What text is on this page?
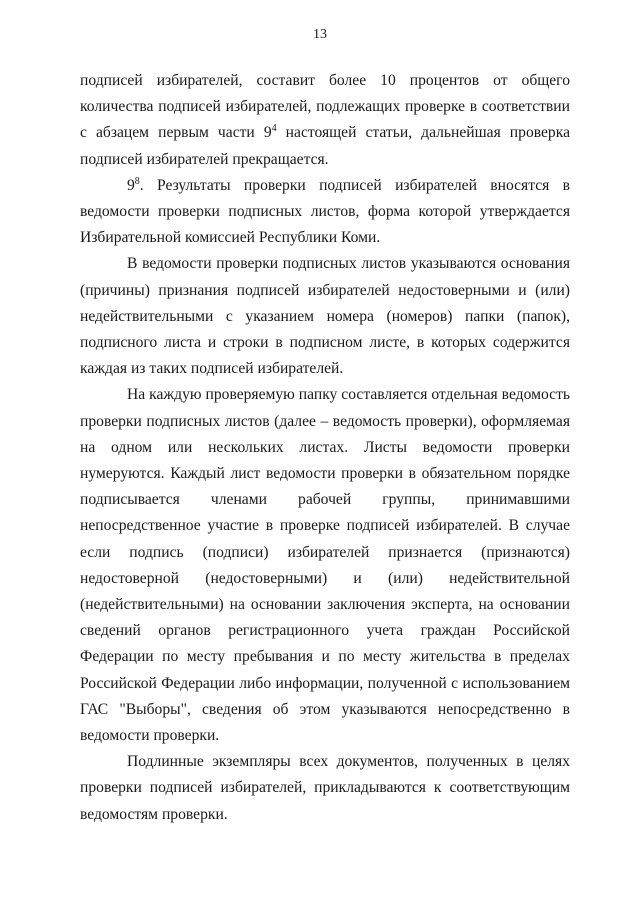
13

подписей избирателей, составит более 10 процентов от общего количества подписей избирателей, подлежащих проверке в соответствии с абзацем первым части $9^4$ настоящей статьи, дальнейшая проверка подписей избирателей прекращается.

$9^8$. Результаты проверки подписей избирателей вносятся в ведомости проверки подписных листов, форма которой утверждается Избирательной комиссией Республики Коми.

В ведомости проверки подписных листов указываются основания (причины) признания подписей избирателей недостоверными и (или) недействительными с указанием номера (номеров) папки (папок), подписного листа и строки в подписном листе, в которых содержится каждая из таких подписей избирателей.

На каждую проверяемую папку составляется отдельная ведомость проверки подписных листов (далее – ведомость проверки), оформляемая на одном или нескольких листах. Листы ведомости проверки нумеруются. Каждый лист ведомости проверки в обязательном порядке подписывается членами рабочей группы, принимавшими непосредственное участие в проверке подписей избирателей. В случае если подпись (подписи) избирателей признается (признаются) недостоверной (недостоверными) и (или) недействительной (недействительными) на основании заключения эксперта, на основании сведений органов регистрационного учета граждан Российской Федерации по месту пребывания и по месту жительства в пределах Российской Федерации либо информации, полученной с использованием ГАС "Выборы", сведения об этом указываются непосредственно в ведомости проверки.

Подлинные экземпляры всех документов, полученных в целях проверки подписей избирателей, прикладываются к соответствующим ведомостям проверки.
